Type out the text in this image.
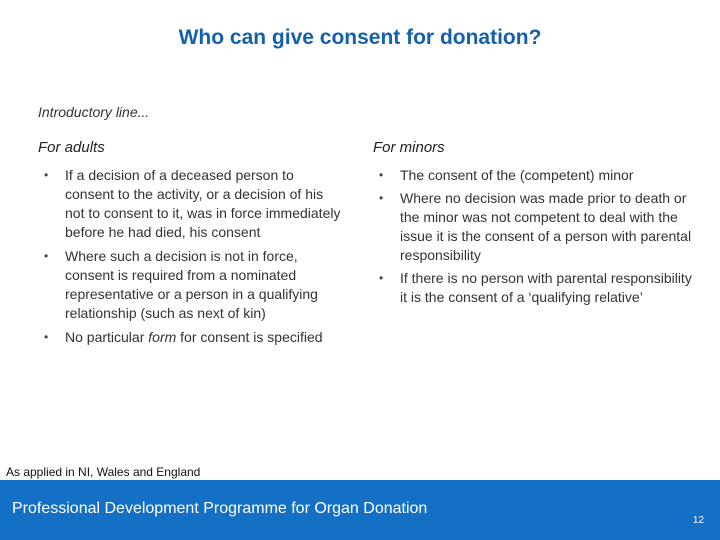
Who can give consent for donation?
Introductory line...
For adults
• If a decision of a deceased person to consent to the activity, or a decision of his not to consent to it, was in force immediately before he had died, his consent
• Where such a decision is not in force, consent is required from a nominated representative or a person in a qualifying relationship (such as next of kin)
• No particular form for consent is specified
For minors
• The consent of the (competent) minor
• Where no decision was made prior to death or the minor was not competent to deal with the issue it is the consent of a person with parental responsibility
• If there is no person with parental responsibility it is the consent of a ‘qualifying relative’
As applied in NI, Wales and England
Professional Development Programme for Organ Donation
12
